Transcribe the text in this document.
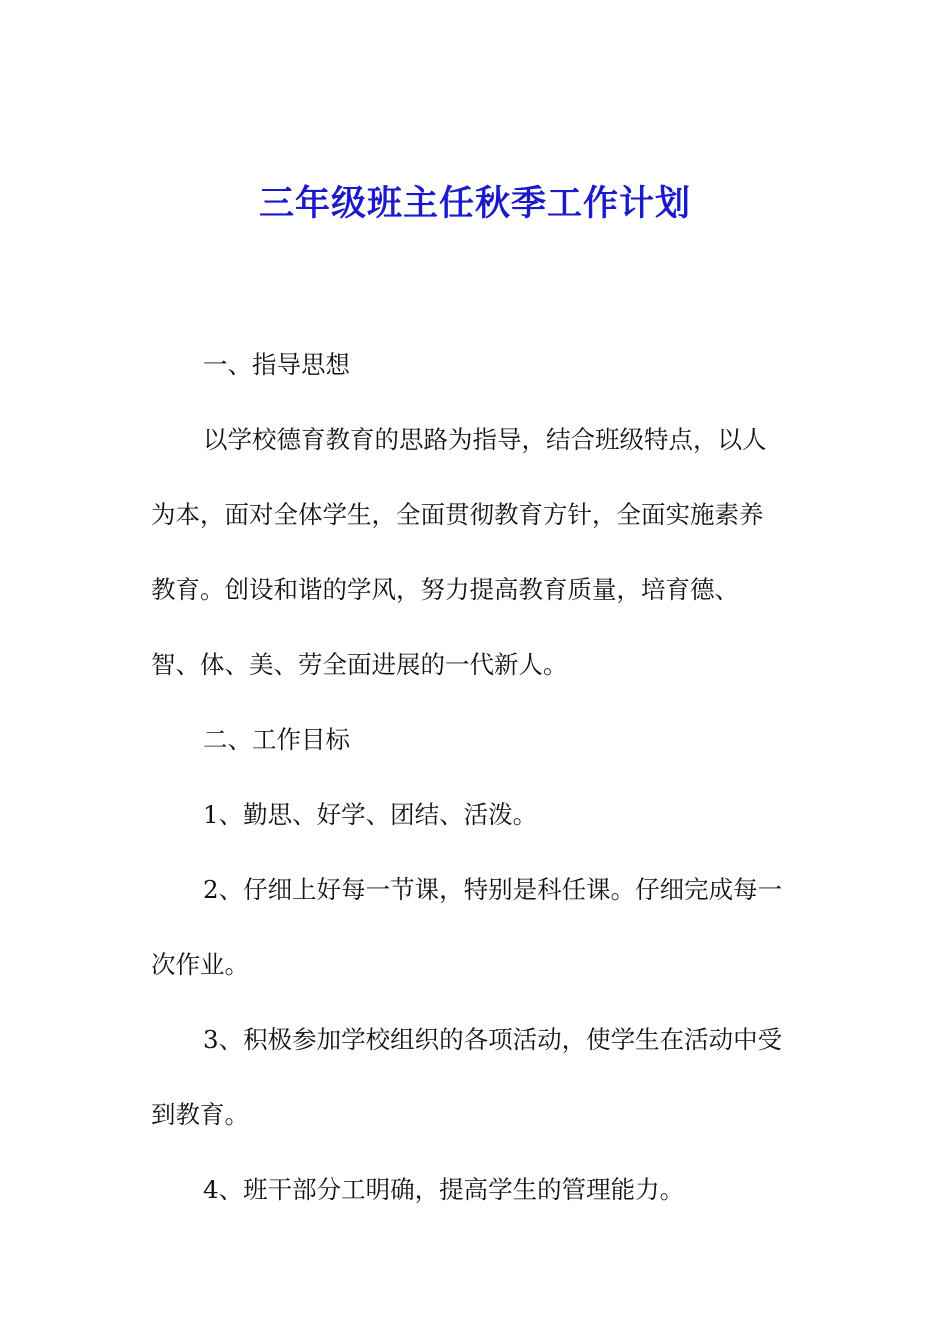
三年级班主任秋季工作计划

一、指导思想

以学校德育教育的思路为指导，结合班级特点，以人
为本，面对全体学生，全面贯彻教育方针，全面实施素养
教育。创设和谐的学风，努力提高教育质量，培育德、
智、体、美、劳全面进展的一代新人。

二、工作目标

1、勤思、好学、团结、活泼。

2、仔细上好每一节课，特别是科任课。仔细完成每一
次作业。

3、积极参加学校组织的各项活动，使学生在活动中受
到教育。

4、班干部分工明确，提高学生的管理能力。
